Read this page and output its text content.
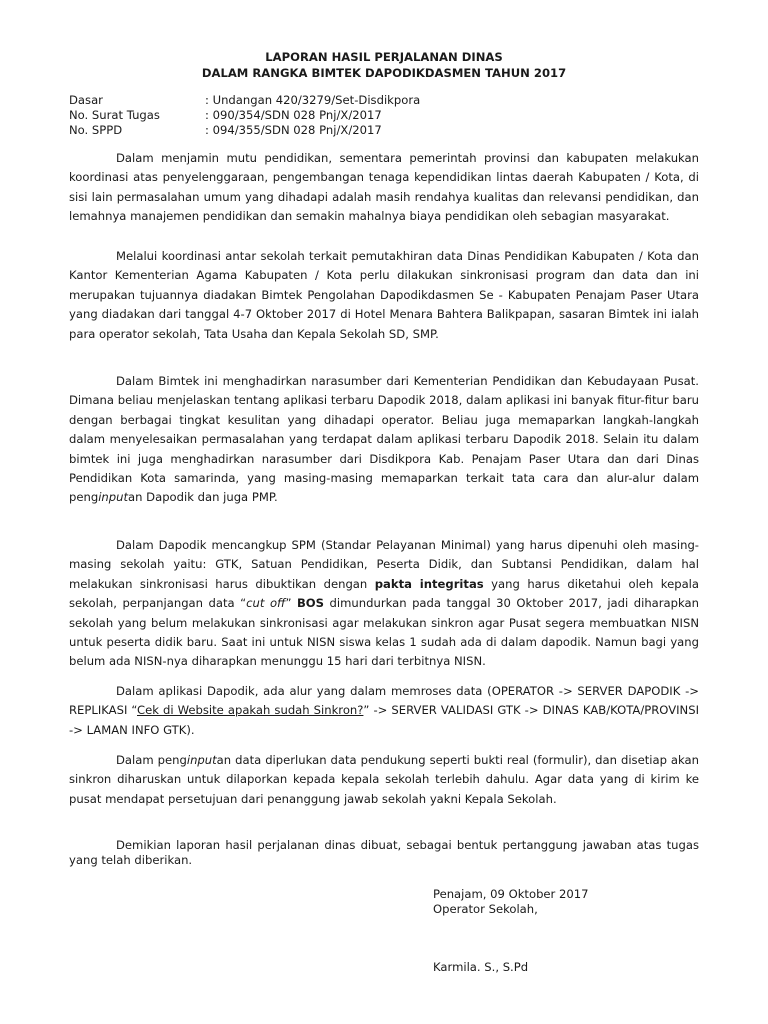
LAPORAN HASIL PERJALANAN DINAS
DALAM RANGKA BIMTEK DAPODIKDASMEN TAHUN 2017
Dasar	: Undangan 420/3279/Set-Disdikpora
No. Surat Tugas	: 090/354/SDN 028 Pnj/X/2017
No. SPPD	: 094/355/SDN 028 Pnj/X/2017
Dalam menjamin mutu pendidikan, sementara pemerintah provinsi dan kabupaten melakukan koordinasi atas penyelenggaraan, pengembangan tenaga kependidikan lintas daerah Kabupaten / Kota, di sisi lain permasalahan umum yang dihadapi adalah masih rendahya kualitas dan relevansi pendidikan, dan lemahnya manajemen pendidikan dan semakin mahalnya biaya pendidikan oleh sebagian masyarakat.
Melalui koordinasi antar sekolah terkait pemutakhiran data Dinas Pendidikan Kabupaten / Kota dan Kantor Kementerian Agama Kabupaten / Kota perlu dilakukan sinkronisasi program dan data dan ini merupakan tujuannya diadakan Bimtek Pengolahan Dapodikdasmen Se - Kabupaten Penajam Paser Utara yang diadakan dari tanggal 4-7 Oktober 2017 di Hotel Menara Bahtera Balikpapan, sasaran Bimtek ini ialah para operator sekolah, Tata Usaha dan Kepala Sekolah SD, SMP.
Dalam Bimtek ini menghadirkan narasumber dari Kementerian Pendidikan dan Kebudayaan Pusat. Dimana beliau menjelaskan tentang aplikasi terbaru Dapodik 2018, dalam aplikasi ini banyak fitur-fitur baru dengan berbagai tingkat kesulitan yang dihadapi operator. Beliau juga memaparkan langkah-langkah dalam menyelesaikan permasalahan yang terdapat dalam aplikasi terbaru Dapodik 2018. Selain itu dalam bimtek ini juga menghadirkan narasumber dari Disdikpora Kab. Penajam Paser Utara dan dari Dinas Pendidikan Kota samarinda, yang masing-masing memaparkan terkait tata cara dan alur-alur dalam penginputan Dapodik dan juga PMP.
Dalam Dapodik mencangkup SPM (Standar Pelayanan Minimal) yang harus dipenuhi oleh masing-masing sekolah yaitu: GTK, Satuan Pendidikan, Peserta Didik, dan Subtansi Pendidikan, dalam hal melakukan sinkronisasi harus dibuktikan dengan pakta integritas yang harus diketahui oleh kepala sekolah, perpanjangan data “cut off” BOS dimundurkan pada tanggal 30 Oktober 2017, jadi diharapkan sekolah yang belum melakukan sinkronisasi agar melakukan sinkron agar Pusat segera membuatkan NISN untuk peserta didik baru. Saat ini untuk NISN siswa kelas 1 sudah ada di dalam dapodik. Namun bagi yang belum ada NISN-nya diharapkan menunggu 15 hari dari terbitnya NISN.
Dalam aplikasi Dapodik, ada alur yang dalam memroses data (OPERATOR -> SERVER DAPODIK -> REPLIKASI “Cek di Website apakah sudah Sinkron?” -> SERVER VALIDASI GTK -> DINAS KAB/KOTA/PROVINSI -> LAMAN INFO GTK).
Dalam penginputan data diperlukan data pendukung seperti bukti real (formulir), dan disetiap akan sinkron diharuskan untuk dilaporkan kepada kepala sekolah terlebih dahulu. Agar data yang di kirim ke pusat mendapat persetujuan dari penanggung jawab sekolah yakni Kepala Sekolah.
Demikian laporan hasil perjalanan dinas dibuat, sebagai bentuk pertanggung jawaban atas tugas yang telah diberikan.
Penajam, 09 Oktober 2017
Operator Sekolah,
Karmila. S., S.Pd
